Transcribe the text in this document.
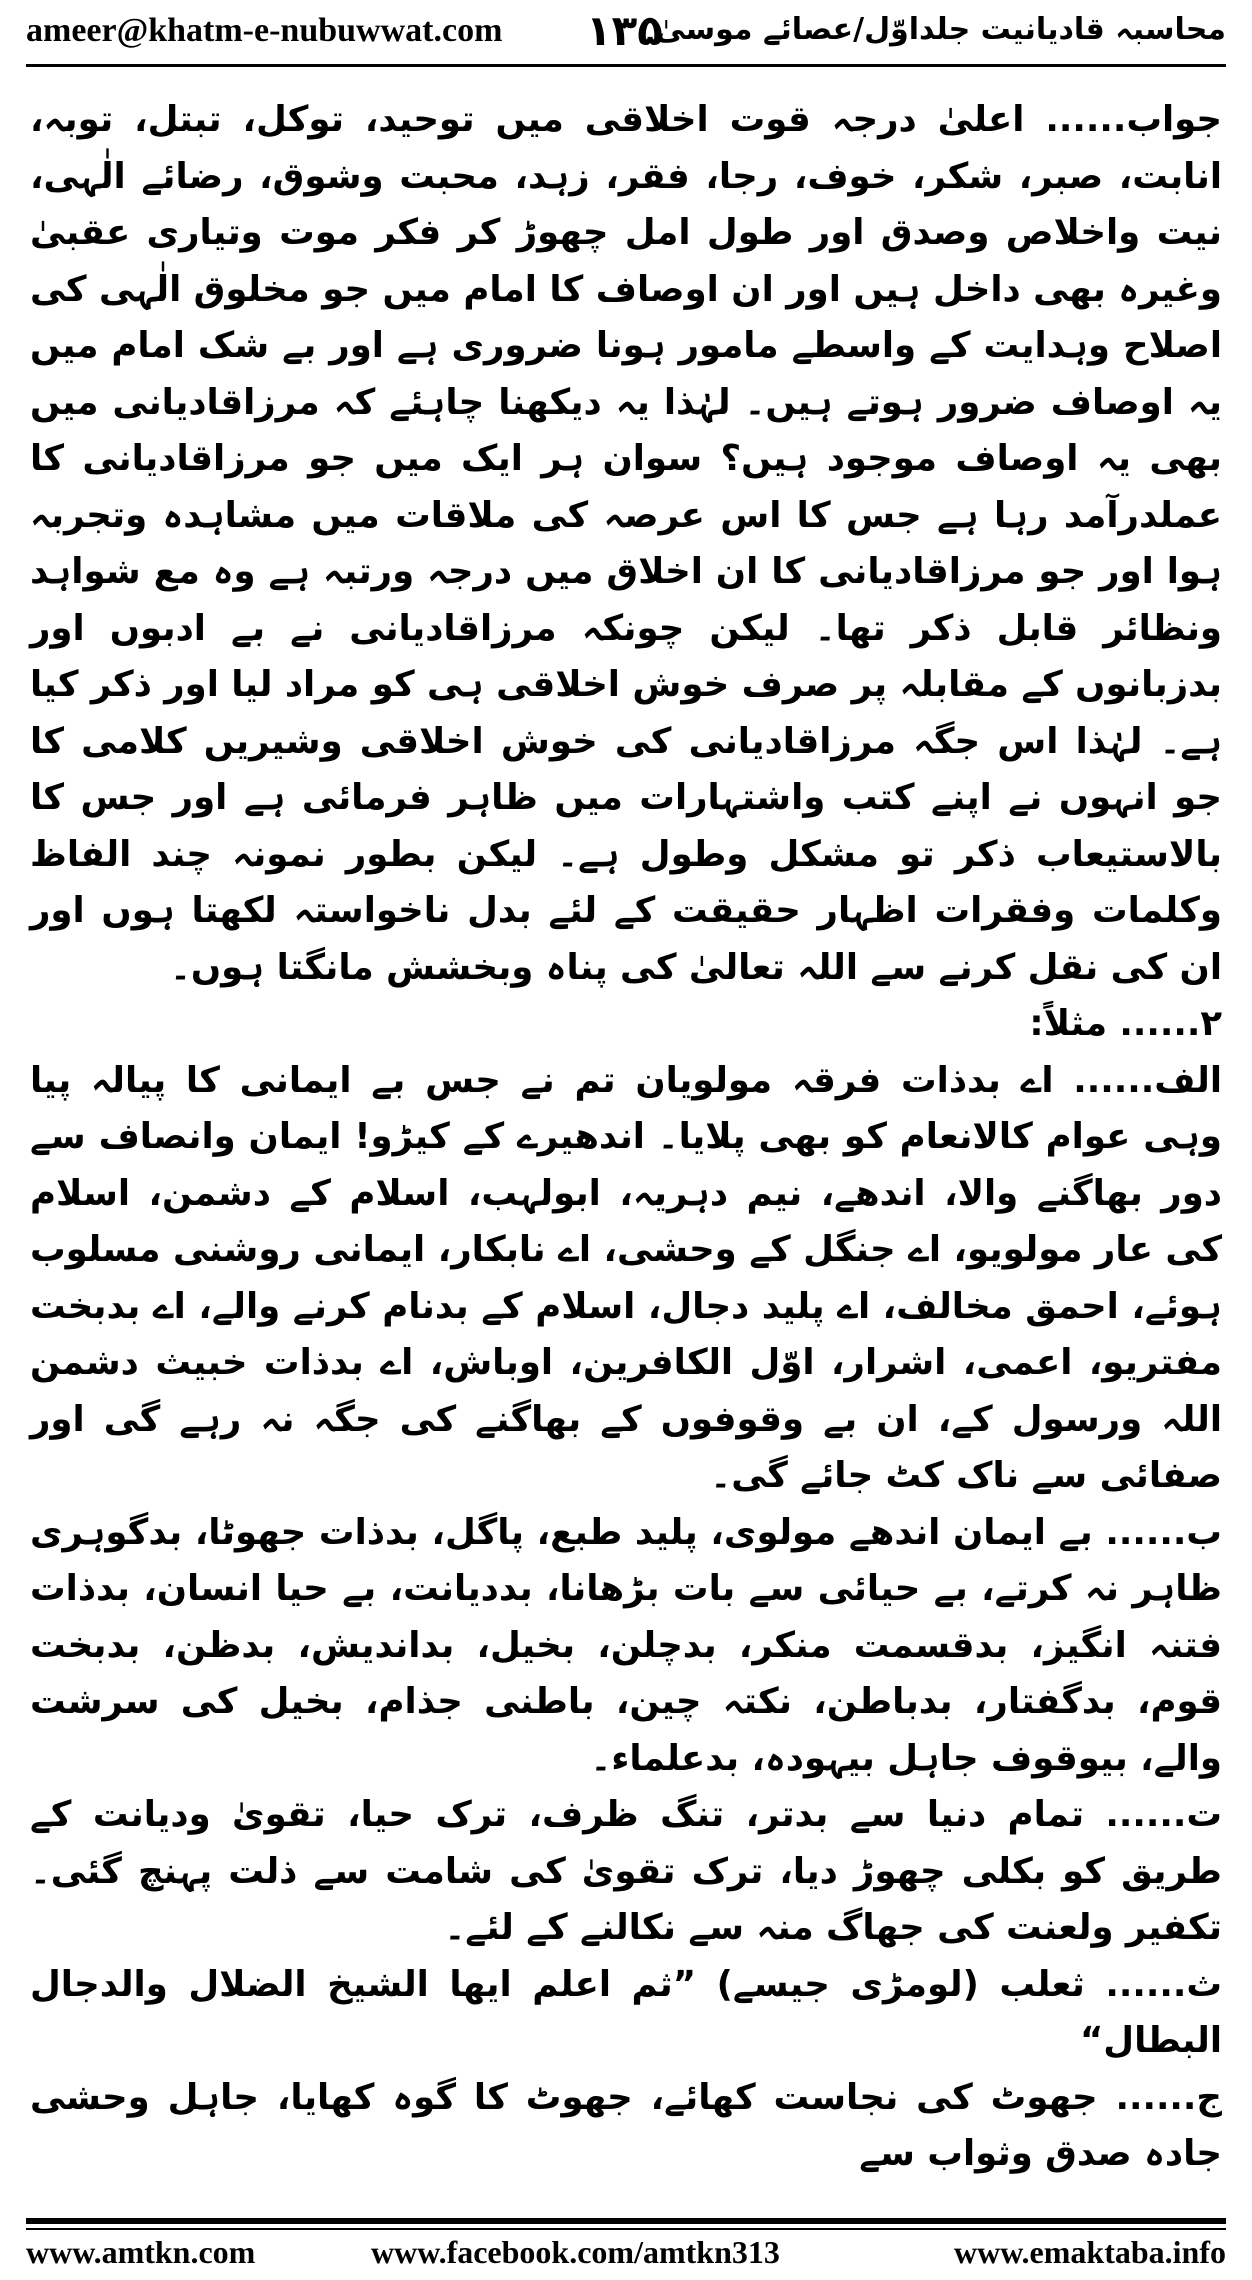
ameer@khatm-e-nubuwwat.com ۱۳۵
محاسبہ قادیانیت جلداوّل/عصائے موسیٰ

جواب...... اعلیٰ درجہ قوت اخلاقی میں توحید، توکل، تبتل، توبہ، انابت، صبر، شکر، خوف، رجا، فقر، زہد، محبت وشوق، رضائے الٰہی، نیت واخلاص وصدق اور طول امل چھوڑ کر فکر موت وتیاری عقبیٰ وغیرہ بھی داخل ہیں اور ان اوصاف کا امام میں جو مخلوق الٰہی کی اصلاح وہدایت کے واسطے مامور ہونا ضروری ہے اور بے شک امام میں یہ اوصاف ضرور ہوتے ہیں۔ لہٰذا یہ دیکھنا چاہئے کہ مرزاقادیانی میں بھی یہ اوصاف موجود ہیں؟ سوان ہر ایک میں جو مرزاقادیانی کا عملدرآمد رہا ہے جس کا اس عرصہ کی ملاقات میں مشاہدہ وتجربہ ہوا اور جو مرزاقادیانی کا ان اخلاق میں درجہ ورتبہ ہے وہ مع شواہد ونظائر قابل ذکر تھا۔ لیکن چونکہ مرزاقادیانی نے بے ادبوں اور بدزبانوں کے مقابلہ پر صرف خوش اخلاقی ہی کو مراد لیا اور ذکر کیا ہے۔ لہٰذا اس جگہ مرزاقادیانی کی خوش اخلاقی وشیریں کلامی کا جو انہوں نے اپنے کتب واشتہارات میں ظاہر فرمائی ہے اور جس کا بالاستیعاب ذکر تو مشکل وطول ہے۔ لیکن بطور نمونہ چند الفاظ وکلمات وفقرات اظہار حقیقت کے لئے بدل ناخواستہ لکھتا ہوں اور ان کی نقل کرنے سے اللہ تعالیٰ کی پناہ وبخشش مانگتا ہوں۔

۲...... مثلاً:

الف...... اے بدذات فرقہ مولویان تم نے جس بے ایمانی کا پیالہ پیا وہی عوام کالانعام کو بھی پلایا۔ اندھیرے کے کیڑو! ایمان وانصاف سے دور بھاگنے والا، اندھے، نیم دہریہ، ابولہب، اسلام کے دشمن، اسلام کی عار مولویو، اے جنگل کے وحشی، اے نابکار، ایمانی روشنی مسلوب ہوئے، احمق مخالف، اے پلید دجال، اسلام کے بدنام کرنے والے، اے بدبخت مفتریو، اعمی، اشرار، اوّل الکافرین، اوباش، اے بدذات خبیث دشمن اللہ ورسول کے، ان بے وقوفوں کے بھاگنے کی جگہ نہ رہے گی اور صفائی سے ناک کٹ جائے گی۔

ب...... بے ایمان اندھے مولوی، پلید طبع، پاگل، بدذات جھوٹا، بدگوہری ظاہر نہ کرتے، بے حیائی سے بات بڑھانا، بددیانت، بے حیا انسان، بدذات فتنہ انگیز، بدقسمت منکر، بدچلن، بخیل، بداندیش، بدظن، بدبخت قوم، بدگفتار، بدباطن، نکتہ چین، باطنی جذام، بخیل کی سرشت والے، بیوقوف جاہل بیہودہ، بدعلماء۔

ت...... تمام دنیا سے بدتر، تنگ ظرف، ترک حیا، تقویٰ ودیانت کے طریق کو بکلی چھوڑ دیا، ترک تقویٰ کی شامت سے ذلت پہنچ گئی۔ تکفیر ولعنت کی جھاگ منہ سے نکالنے کے لئے۔

ث...... ثعلب (لومڑی جیسے) ”ثم اعلم ایھا الشیخ الضلال والدجال البطال“

ج...... جھوٹ کی نجاست کھائے، جھوٹ کا گوہ کھایا، جاہل وحشی جادہ صدق وثواب سے

www.amtkn.com	www.facebook.com/amtkn313	www.emaktaba.info
